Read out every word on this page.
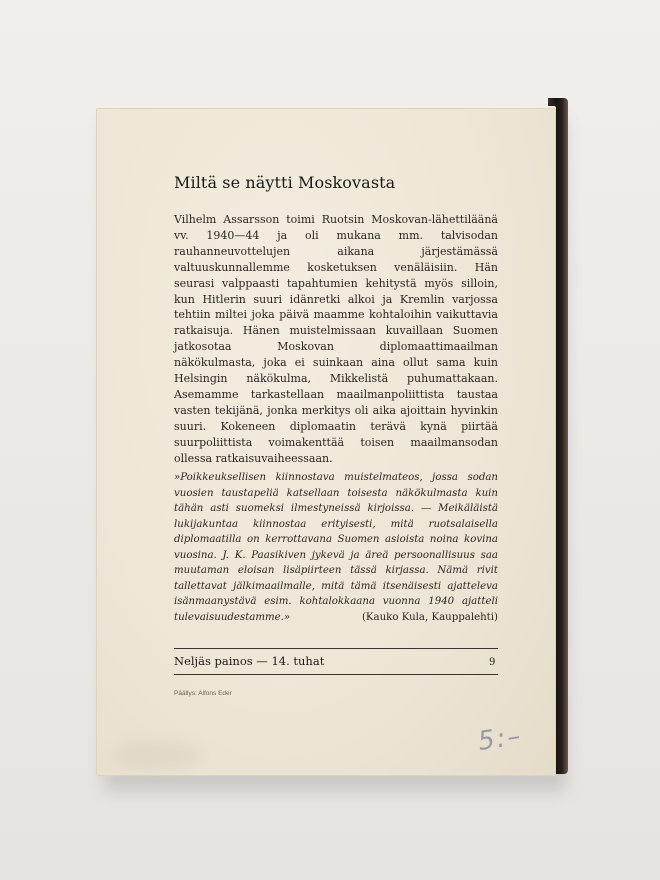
Miltä se näytti Moskovasta
Vilhelm Assarsson toimi Ruotsin Moskovan-lähettiläänä vv. 1940—44 ja oli mukana mm. talvisodan rauhanneuvottelujen aikana järjestämässä valtuuskunnallemme kosketuksen venäläisiin. Hän seurasi valppaasti tapahtumien kehitystä myös silloin, kun Hitlerin suuri idänretki alkoi ja Kremlin varjossa tehtiin miltei joka päivä maamme kohtaloihin vaikuttavia ratkaisuja. Hänen muistelmissaan kuvaillaan Suomen jatkosotaa Moskovan diplomaattimaailman näkökulmasta, joka ei suinkaan aina ollut sama kuin Helsingin näkökulma, Mikkelistä puhumattakaan. Asemamme tarkastellaan maailmanpoliittista taustaa vasten tekijänä, jonka merkitys oli aika ajoittain hyvinkin suuri. Kokeneen diplomaatin terävä kynä piirtää suurpoliittista voimakenttää toisen maailmansodan ollessa ratkaisuvaiheessaan.
»Poikkeuksellisen kiinnostava muistelmateos, jossa sodan vuosien taustapeliä katsellaan toisesta näkökulmasta kuin tähän asti suomeksi ilmestyneissä kirjoissa. — Meikäläistä lukijakuntaa kiinnostaa erityisesti, mitä ruotsalaisella diplomaatilla on kerrottavana Suomen asioista noina kovina vuosina. J. K. Paasikiven jykevä ja äreä persoonallisuus saa muutaman eloisan lisäpiirteen tässä kirjassa. Nämä rivit tallettavat jälkimaailmalle, mitä tämä itsenäisesti ajatteleva isänmaanystävä esim. kohtalokkaana vuonna 1940 ajatteli tulevaisuudestamme.»	(Kauko Kula, Kauppalehti)
Neljäs painos — 14. tuhat	9
Päällys: Alfons Eder
5:–
